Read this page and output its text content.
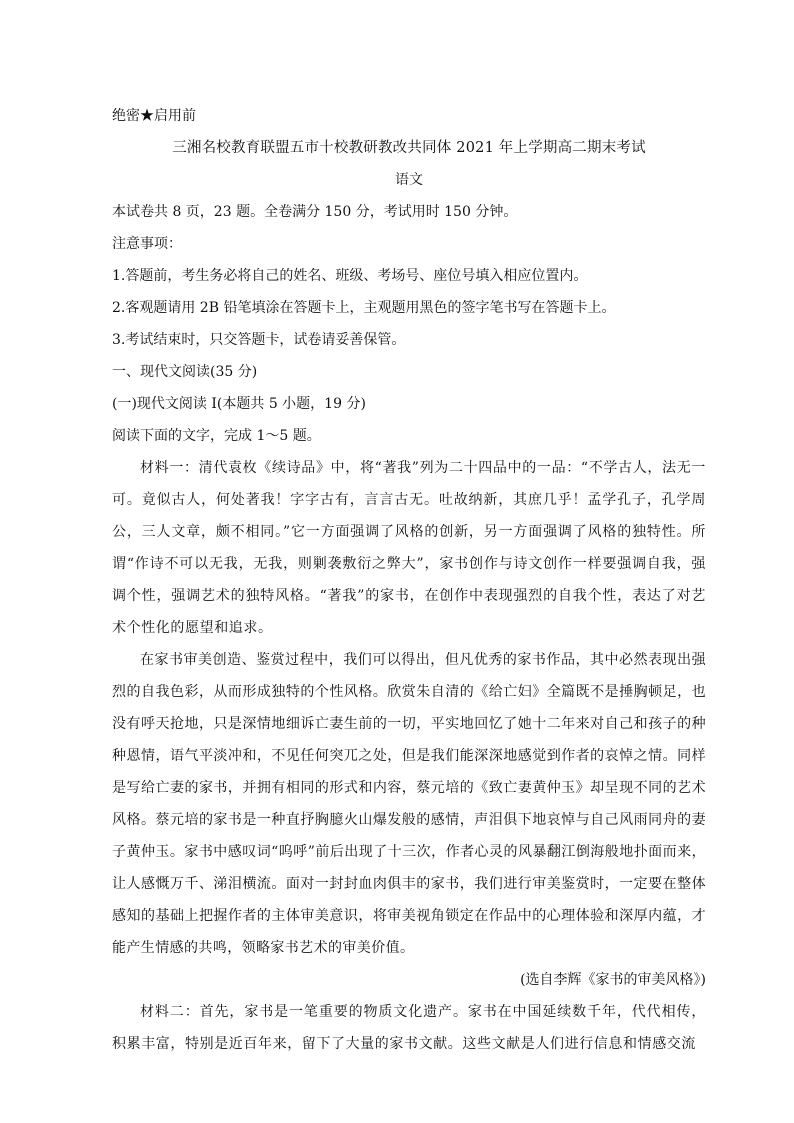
绝密★启用前

三湘名校教育联盟五市十校教研教改共同体 2021 年上学期高二期末考试

语文

本试卷共 8 页，23 题。全卷满分 150 分，考试用时 150 分钟。

注意事项：

1.答题前，考生务必将自己的姓名、班级、考场号、座位号填入相应位置内。

2.客观题请用 2B 铅笔填涂在答题卡上，主观题用黑色的签字笔书写在答题卡上。

3.考试结束时，只交答题卡，试卷请妥善保管。

一、现代文阅读(35 分)

(一)现代文阅读 I(本题共 5 小题，19 分)

阅读下面的文字，完成 1～5 题。

材料一：清代袁枚《续诗品》中，将“著我”列为二十四品中的一品：“不学古人，法无一可。竟似古人，何处著我！字字古有，言言古无。吐故纳新，其庶几乎！孟学孔子，孔学周公，三人文章，颇不相同。”它一方面强调了风格的创新，另一方面强调了风格的独特性。所谓“作诗不可以无我，无我，则剿袭敷衍之弊大”，家书创作与诗文创作一样要强调自我，强调个性，强调艺术的独特风格。“著我”的家书，在创作中表现强烈的自我个性，表达了对艺术个性化的愿望和追求。

在家书审美创造、鉴赏过程中，我们可以得出，但凡优秀的家书作品，其中必然表现出强烈的自我色彩，从而形成独特的个性风格。欣赏朱自清的《给亡妇》全篇既不是捶胸顿足，也没有呼天抢地，只是深情地细诉亡妻生前的一切，平实地回忆了她十二年来对自己和孩子的种种恩情，语气平淡冲和，不见任何突兀之处，但是我们能深深地感觉到作者的哀悼之情。同样是写给亡妻的家书，并拥有相同的形式和内容，蔡元培的《致亡妻黄仲玉》却呈现不同的艺术风格。蔡元培的家书是一种直抒胸臆火山爆发般的感情，声泪俱下地哀悼与自己风雨同舟的妻子黄仲玉。家书中感叹词“呜呼”前后出现了十三次，作者心灵的风暴翻江倒海般地扑面而来，让人感慨万千、涕泪横流。面对一封封血肉俱丰的家书，我们进行审美鉴赏时，一定要在整体感知的基础上把握作者的主体审美意识，将审美视角锁定在作品中的心理体验和深厚内蕴，才能产生情感的共鸣，领略家书艺术的审美价值。

(选自李辉《家书的审美风格》)

材料二：首先，家书是一笔重要的物质文化遗产。家书在中国延续数千年，代代相传，积累丰富，特别是近百年来，留下了大量的家书文献。这些文献是人们进行信息和情感交流
